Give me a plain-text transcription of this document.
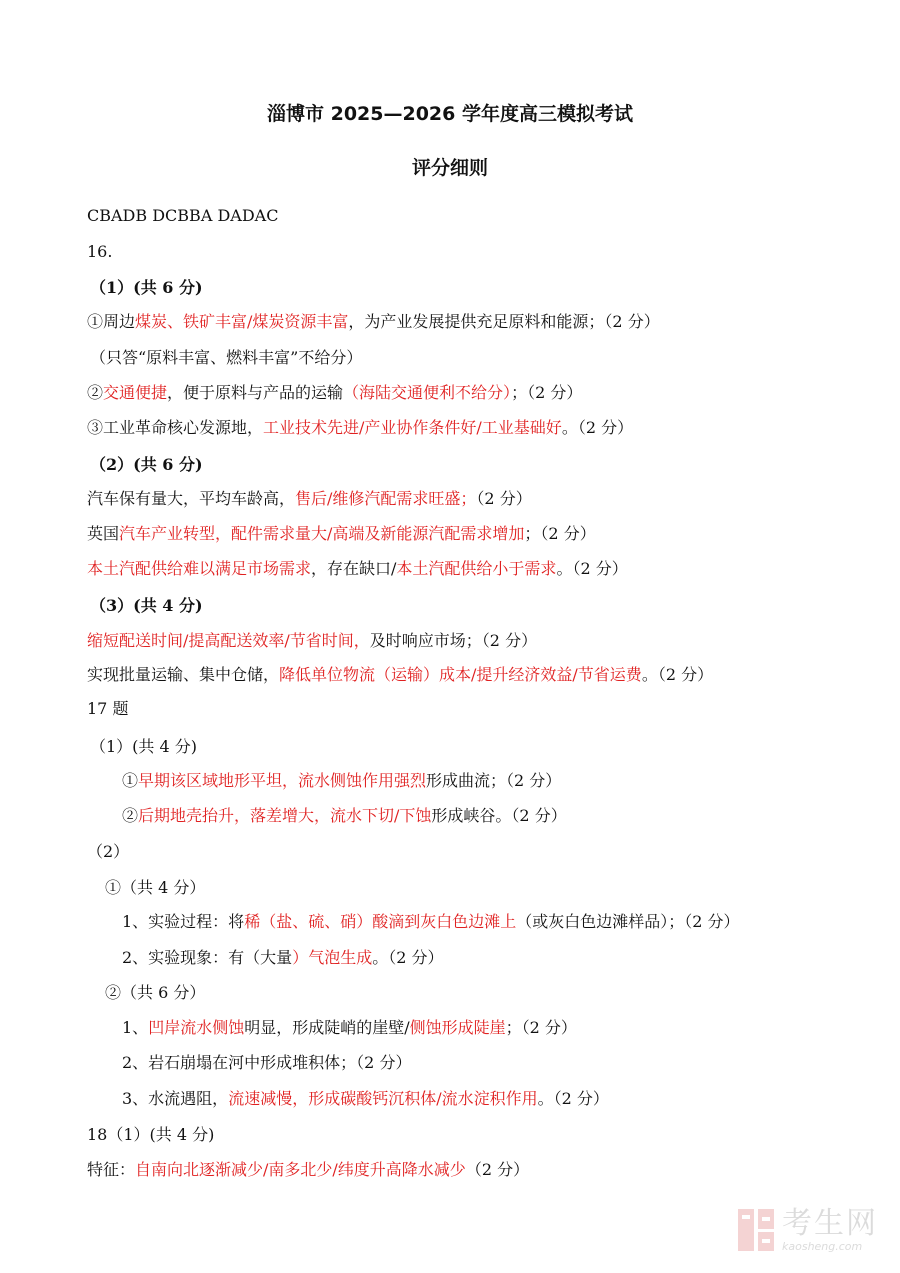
淄博市 2025—2026 学年度高三模拟考试
评分细则
CBADB DCBBA DADAC
16.
（1）(共 6 分)
①周边煤炭、铁矿丰富/煤炭资源丰富，为产业发展提供充足原料和能源；（2 分）
（只答“原料丰富、燃料丰富”不给分）
②交通便捷，便于原料与产品的运输（海陆交通便利不给分）；（2 分）
③工业革命核心发源地，工业技术先进/产业协作条件好/工业基础好。（2 分）
（2）(共 6 分)
汽车保有量大，平均车龄高，售后/维修汽配需求旺盛；（2 分）
英国汽车产业转型，配件需求量大/高端及新能源汽配需求增加；（2 分）
本土汽配供给难以满足市场需求，存在缺口/本土汽配供给小于需求。（2 分）
（3）(共 4 分)
缩短配送时间/提高配送效率/节省时间，及时响应市场；（2 分）
实现批量运输、集中仓储，降低单位物流（运输）成本/提升经济效益/节省运费。（2 分）
17 题
（1）(共 4 分)
①早期该区域地形平坦，流水侧蚀作用强烈形成曲流；（2 分）
②后期地壳抬升，落差增大，流水下切/下蚀形成峡谷。（2 分）
（2）
①（共 4 分）
1、实验过程：将稀（盐、硫、硝）酸滴到灰白色边滩上（或灰白色边滩样品）；（2 分）
2、实验现象：有（大量）气泡生成。（2 分）
②（共 6 分）
1、凹岸流水侧蚀明显，形成陡峭的崖壁/侧蚀形成陡崖；（2 分）
2、岩石崩塌在河中形成堆积体；（2 分）
3、水流遇阻，流速减慢，形成碳酸钙沉积体/流水淀积作用。（2 分）
18（1）(共 4 分)
特征：自南向北逐渐减少/南多北少/纬度升高降水减少（2 分）
考生网
kaosheng.com
